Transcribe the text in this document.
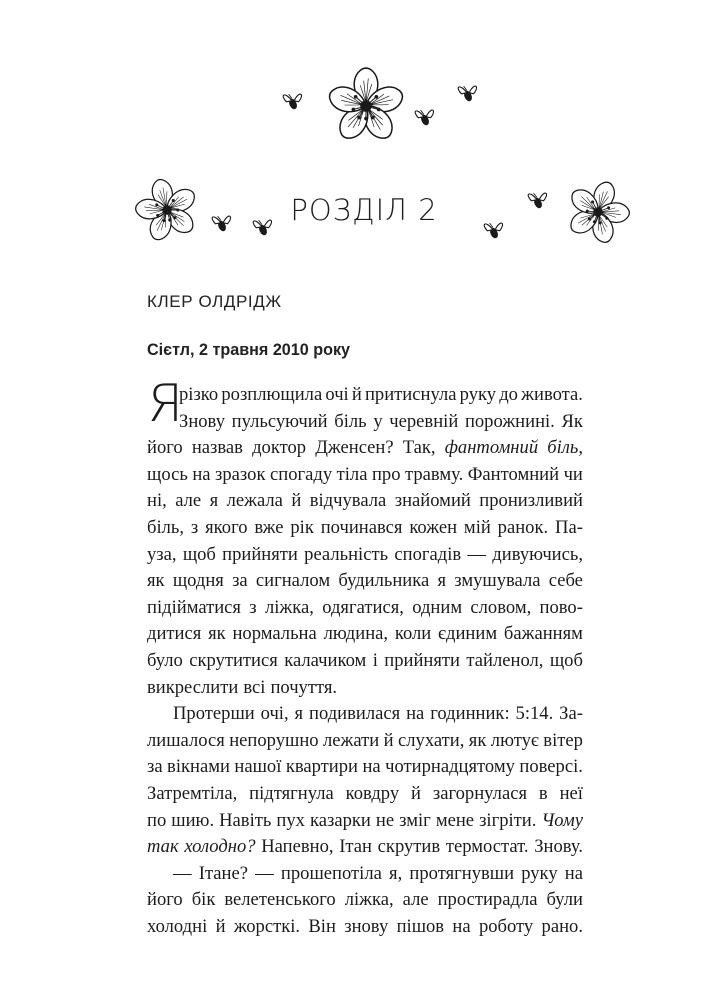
РОЗДІЛ 2
КЛЕР ОЛДРІДЖ
Сієтл, 2 травня 2010 року
Я
різко розплющила очі й притиснула руку до живота.
Знову пульсуючий біль у черевній порожнині. Як
його назвав доктор Дженсен? Так, фантомний біль,
щось на зразок спогаду тіла про травму. Фантомний чи
ні, але я лежала й відчувала знайомий пронизливий
біль, з якого вже рік починався кожен мій ранок. Па-
уза, щоб прийняти реальність спогадів — дивуючись,
як щодня за сигналом будильника я змушувала себе
підійматися з ліжка, одягатися, одним словом, пово-
дитися як нормальна людина, коли єдиним бажанням
було скрутитися калачиком і прийняти тайленол, щоб
викреслити всі почуття.
Протерши очі, я подивилася на годинник: 5:14. За-
лишалося непорушно лежати й слухати, як лютує вітер
за вікнами нашої квартири на чотирнадцятому поверсі.
Затремтіла, підтягнула ковдру й загорнулася в неї
по шию. Навіть пух казарки не зміг мене зігріти. Чому
так холодно? Напевно, Ітан скрутив термостат. Знову.
— Ітане? — прошепотіла я, протягнувши руку на
його бік велетенського ліжка, але простирадла були
холодні й жорсткі. Він знову пішов на роботу рано.
